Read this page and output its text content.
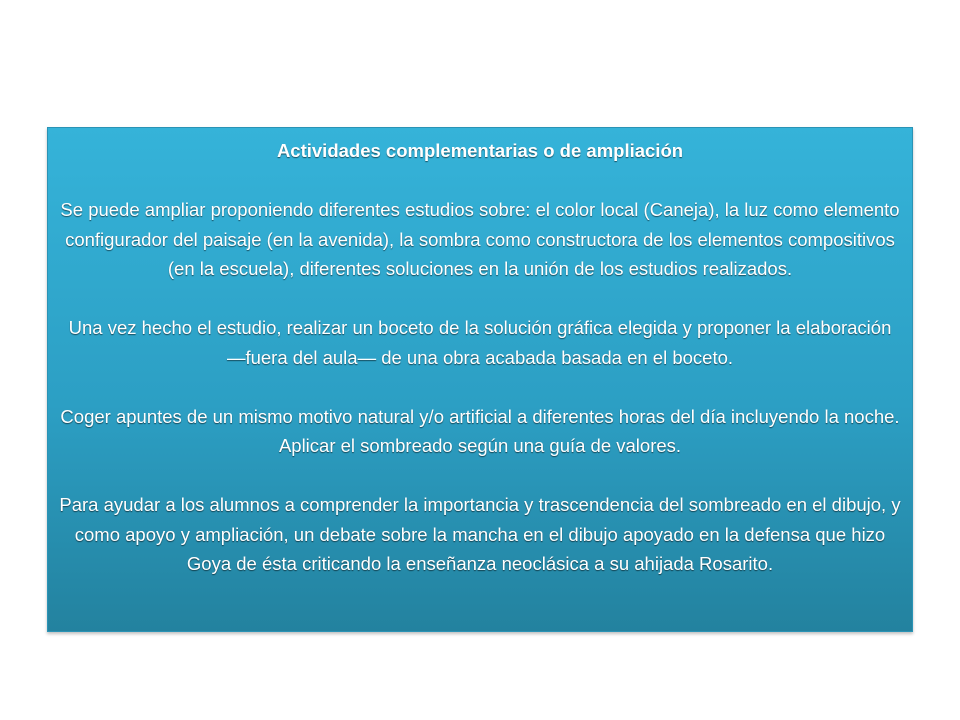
Actividades complementarias o de ampliación

Se puede ampliar proponiendo diferentes estudios sobre: el color local (Caneja), la luz como elemento configurador del paisaje (en la avenida), la sombra como constructora de los elementos compositivos (en la escuela), diferentes soluciones en la unión de los estudios realizados.

Una vez hecho el estudio, realizar un boceto de la solución gráfica elegida y proponer la elaboración —fuera del aula— de una obra acabada basada en el boceto.

Coger apuntes de un mismo motivo natural y/o artificial a diferentes horas del día incluyendo la noche. Aplicar el sombreado según una guía de valores.

Para ayudar a los alumnos a comprender la importancia y trascendencia del sombreado en el dibujo, y como apoyo y ampliación, un debate sobre la mancha en el dibujo apoyado en la defensa que hizo Goya de ésta criticando la enseñanza neoclásica a su ahijada Rosarito.
